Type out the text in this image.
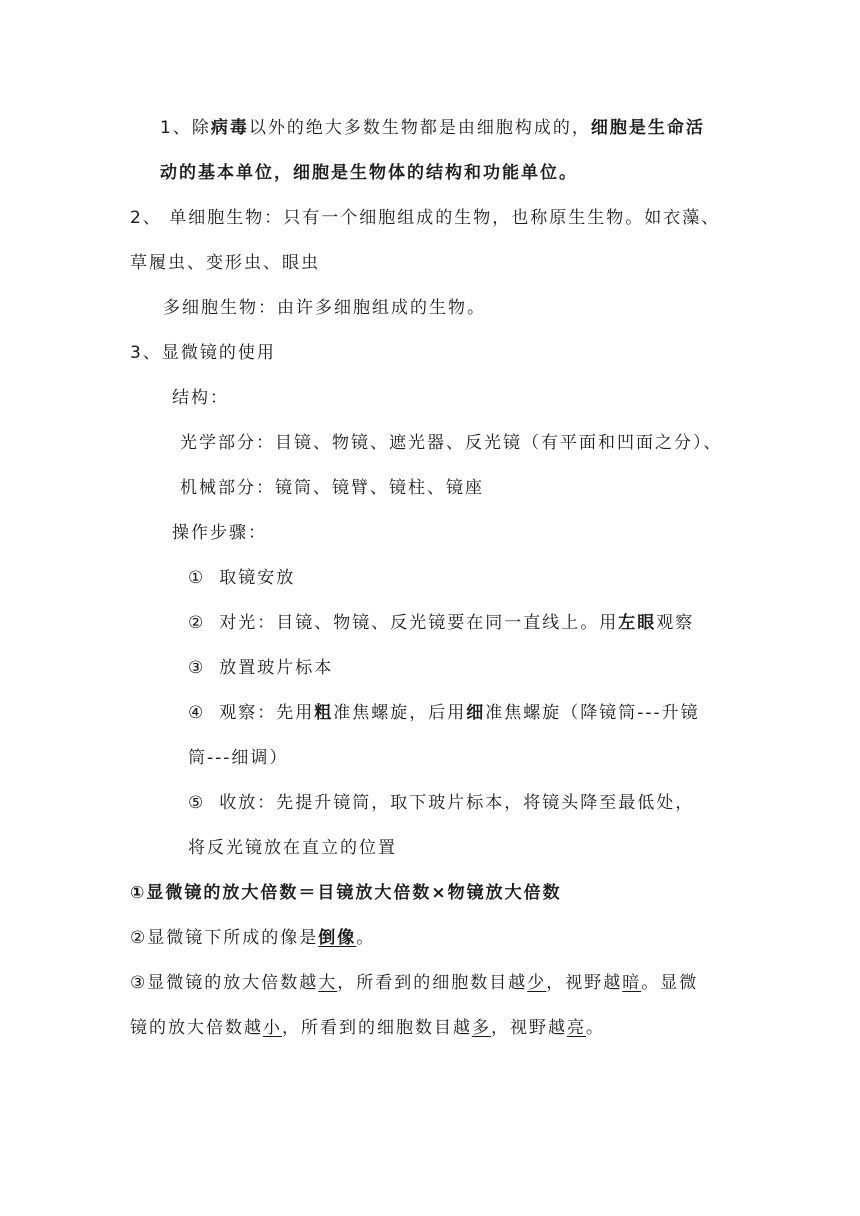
1、除病毒以外的绝大多数生物都是由细胞构成的，细胞是生命活
动的基本单位，细胞是生物体的结构和功能单位。
2、 单细胞生物：只有一个细胞组成的生物，也称原生生物。如衣藻、
草履虫、变形虫、眼虫
多细胞生物：由许多细胞组成的生物。
3、显微镜的使用
结构：
光学部分：目镜、物镜、遮光器、反光镜（有平面和凹面之分）、
机械部分：镜筒、镜臂、镜柱、镜座
操作步骤：
① 取镜安放
② 对光：目镜、物镜、反光镜要在同一直线上。用左眼观察
③ 放置玻片标本
④ 观察：先用粗准焦螺旋，后用细准焦螺旋（降镜筒---升镜
筒---细调）
⑤ 收放：先提升镜筒，取下玻片标本，将镜头降至最低处，
将反光镜放在直立的位置
①显微镜的放大倍数＝目镜放大倍数×物镜放大倍数
②显微镜下所成的像是倒像。
③显微镜的放大倍数越大，所看到的细胞数目越少，视野越暗。显微
镜的放大倍数越小，所看到的细胞数目越多，视野越亮。
